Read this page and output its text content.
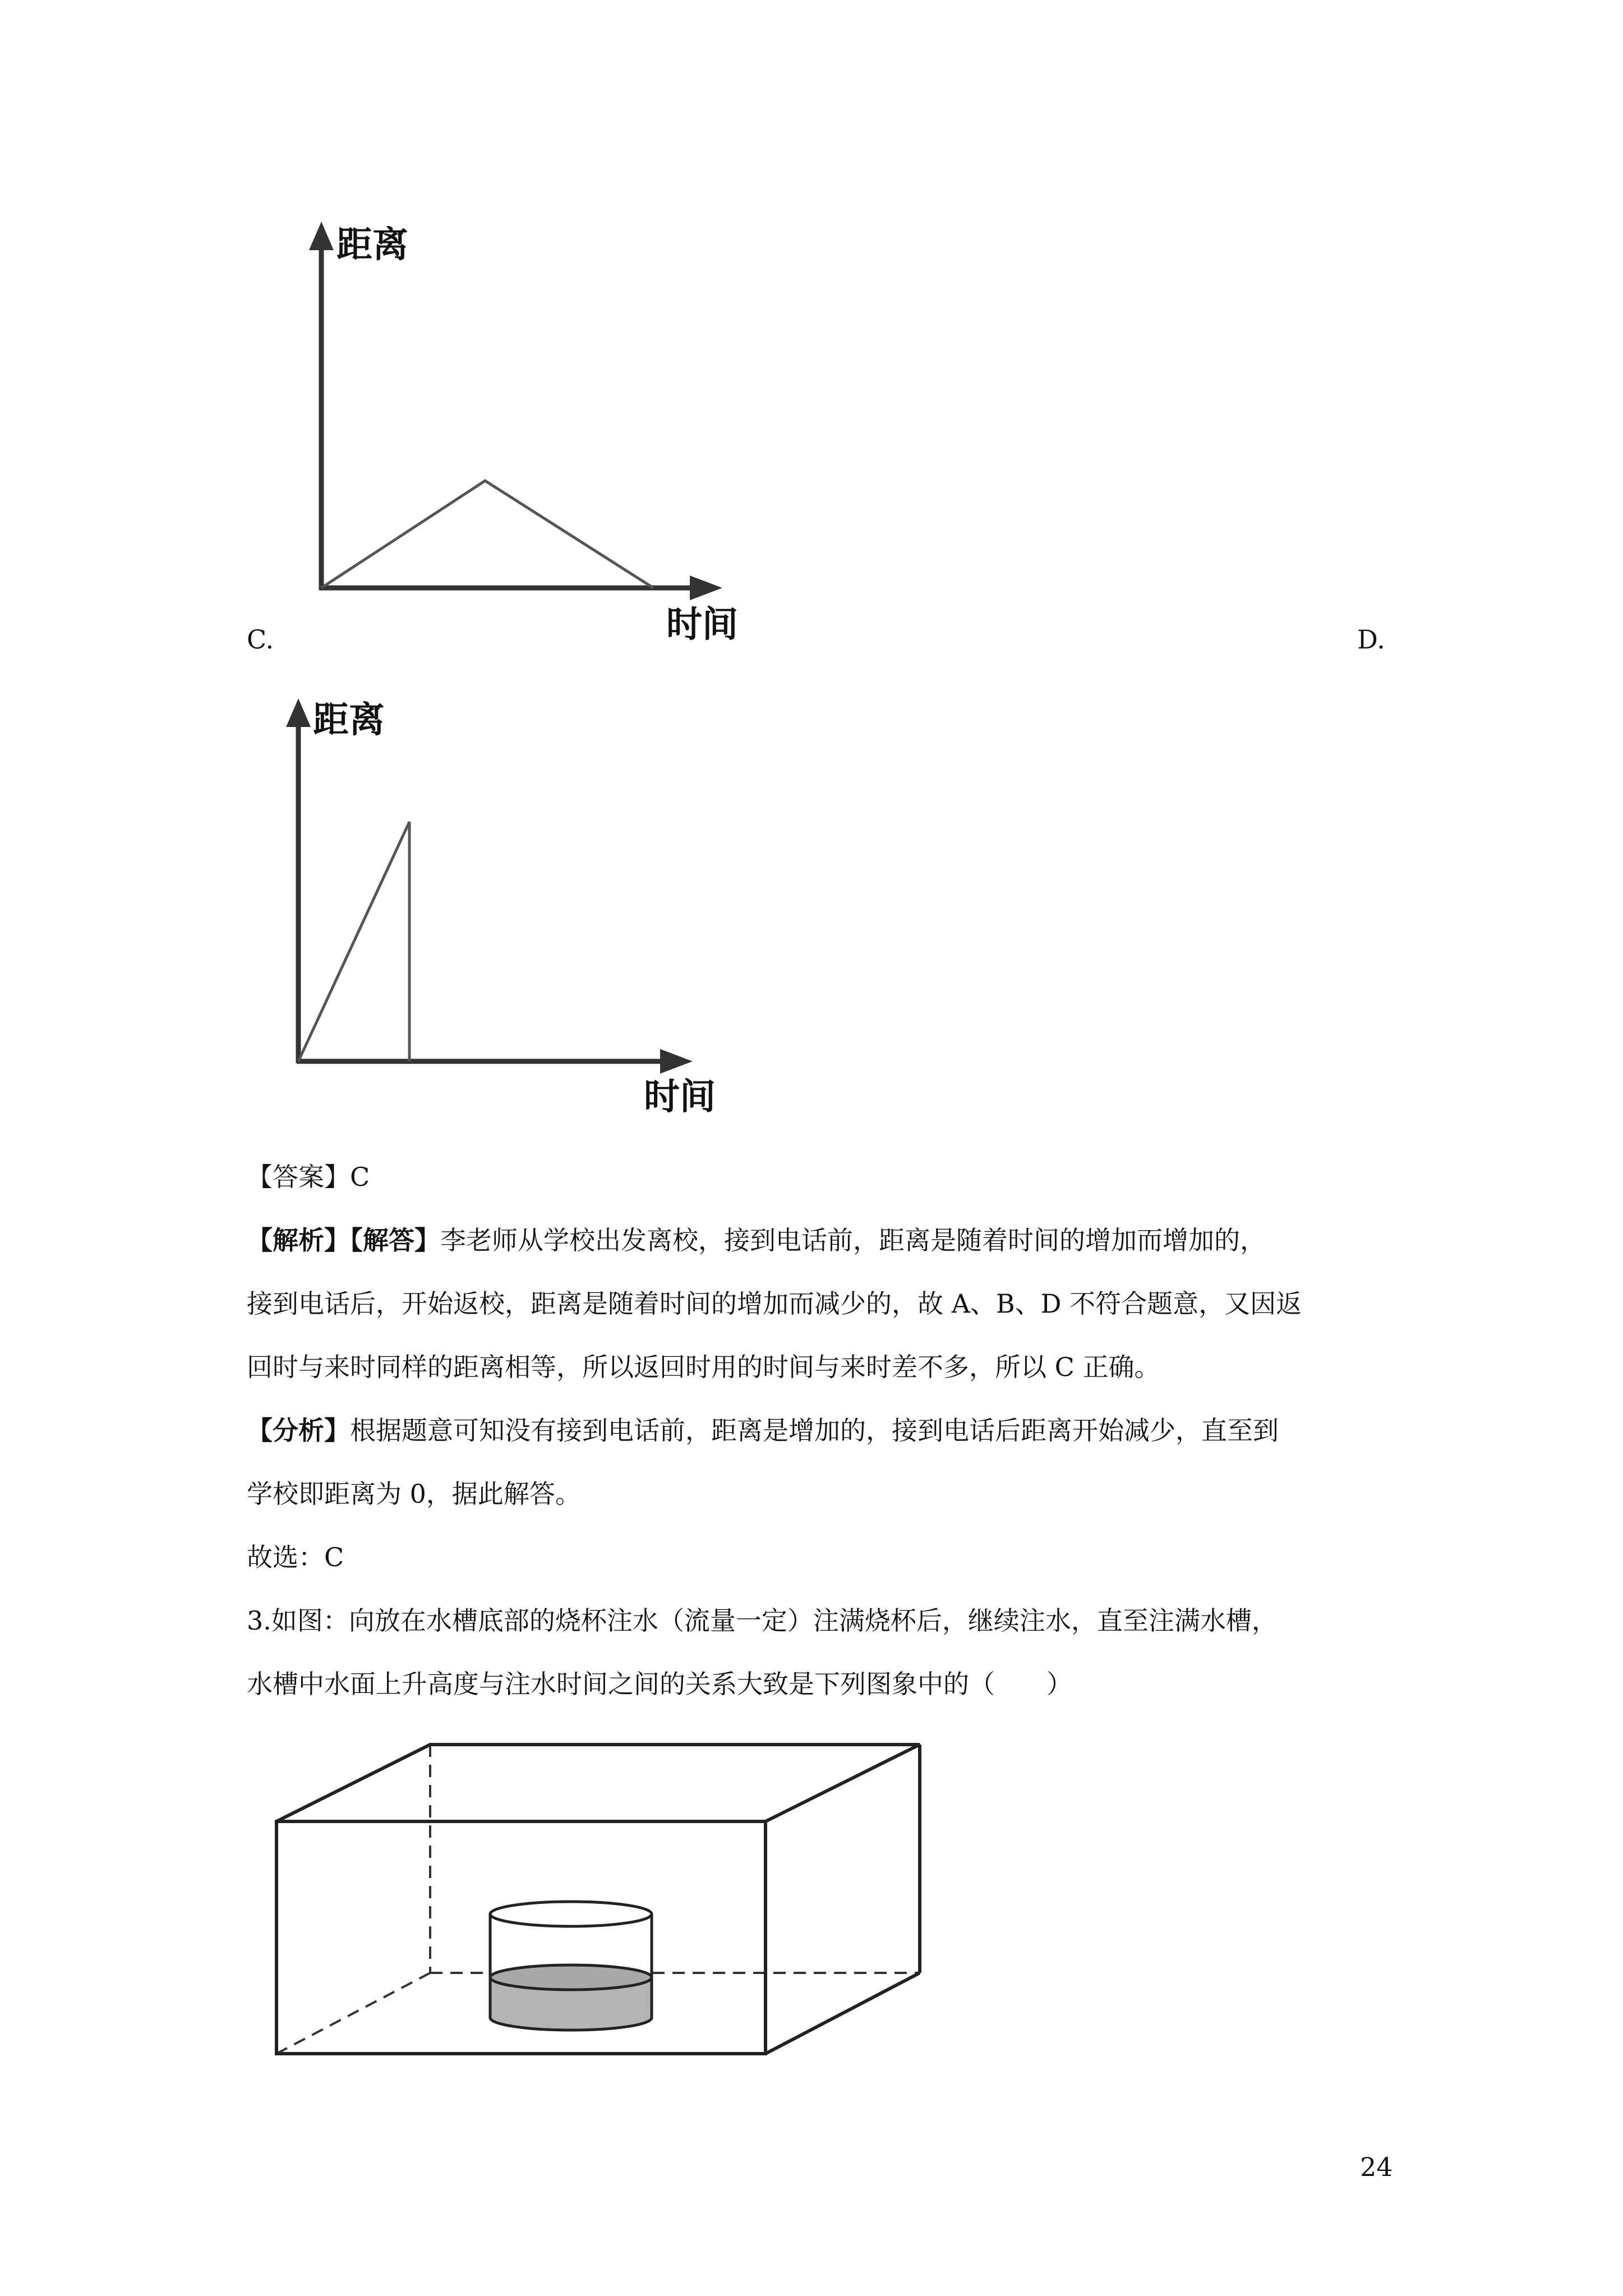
距离
时间
C.	D.
距离
时间
【答案】C
【解析】【解答】李老师从学校出发离校，接到电话前，距离是随着时间的增加而增加的，
接到电话后，开始返校，距离是随着时间的增加而减少的，故 A、B、D 不符合题意，又因返
回时与来时同样的距离相等，所以返回时用的时间与来时差不多，所以 C 正确。
【分析】根据题意可知没有接到电话前，距离是增加的，接到电话后距离开始减少，直至到
学校即距离为 0，据此解答。
故选：C
3.如图：向放在水槽底部的烧杯注水（流量一定）注满烧杯后，继续注水，直至注满水槽，
水槽中水面上升高度与注水时间之间的关系大致是下列图象中的（　　）
24
